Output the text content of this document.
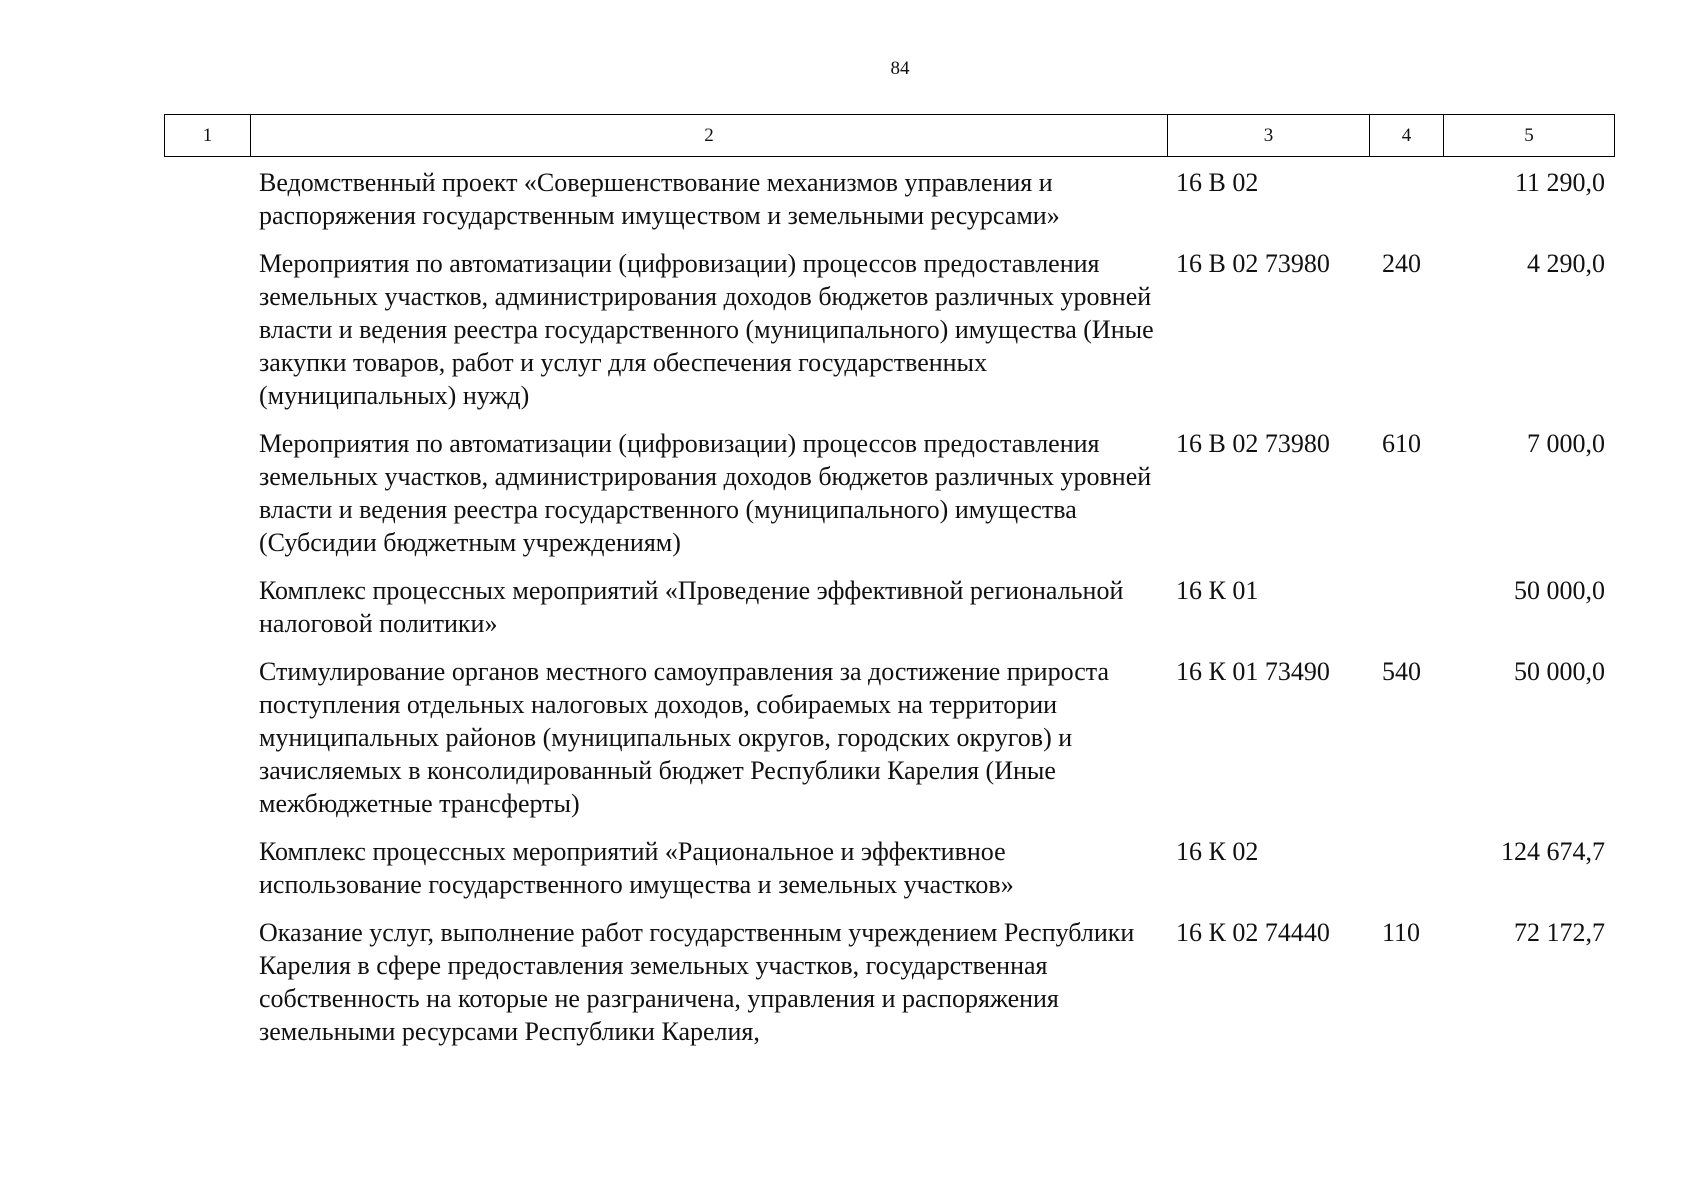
84
1	2	3	4	5
	Ведомственный проект «Совершенствование механизмов управления и распоряжения государственным имуществом и земельными ресурсами»	16 В 02		11 290,0
	Мероприятия по автоматизации (цифровизации) процессов предоставления земельных участков, администрирования доходов бюджетов различных уровней власти и ведения реестра государственного (муниципального) имущества (Иные закупки товаров, работ и услуг для обеспечения государственных (муниципальных) нужд)	16 В 02 73980	240	4 290,0
	Мероприятия по автоматизации (цифровизации) процессов предоставления земельных участков, администрирования доходов бюджетов различных уровней власти и ведения реестра государственного (муниципального) имущества (Субсидии бюджетным учреждениям)	16 В 02 73980	610	7 000,0
	Комплекс процессных мероприятий «Проведение эффективной региональной налоговой политики»	16 К 01		50 000,0
	Стимулирование органов местного самоуправления за достижение прироста поступления отдельных налоговых доходов, собираемых на территории муниципальных районов (муниципальных округов, городских округов) и зачисляемых в консолидированный бюджет Республики Карелия (Иные межбюджетные трансферты)	16 К 01 73490	540	50 000,0
	Комплекс процессных мероприятий «Рациональное и эффективное использование государственного имущества и земельных участков»	16 К 02		124 674,7
	Оказание услуг, выполнение работ государственным учреждением Республики Карелия в сфере предоставления земельных участков, государственная собственность на которые не разграничена, управления и распоряжения земельными ресурсами Республики Карелия,	16 К 02 74440	110	72 172,7
